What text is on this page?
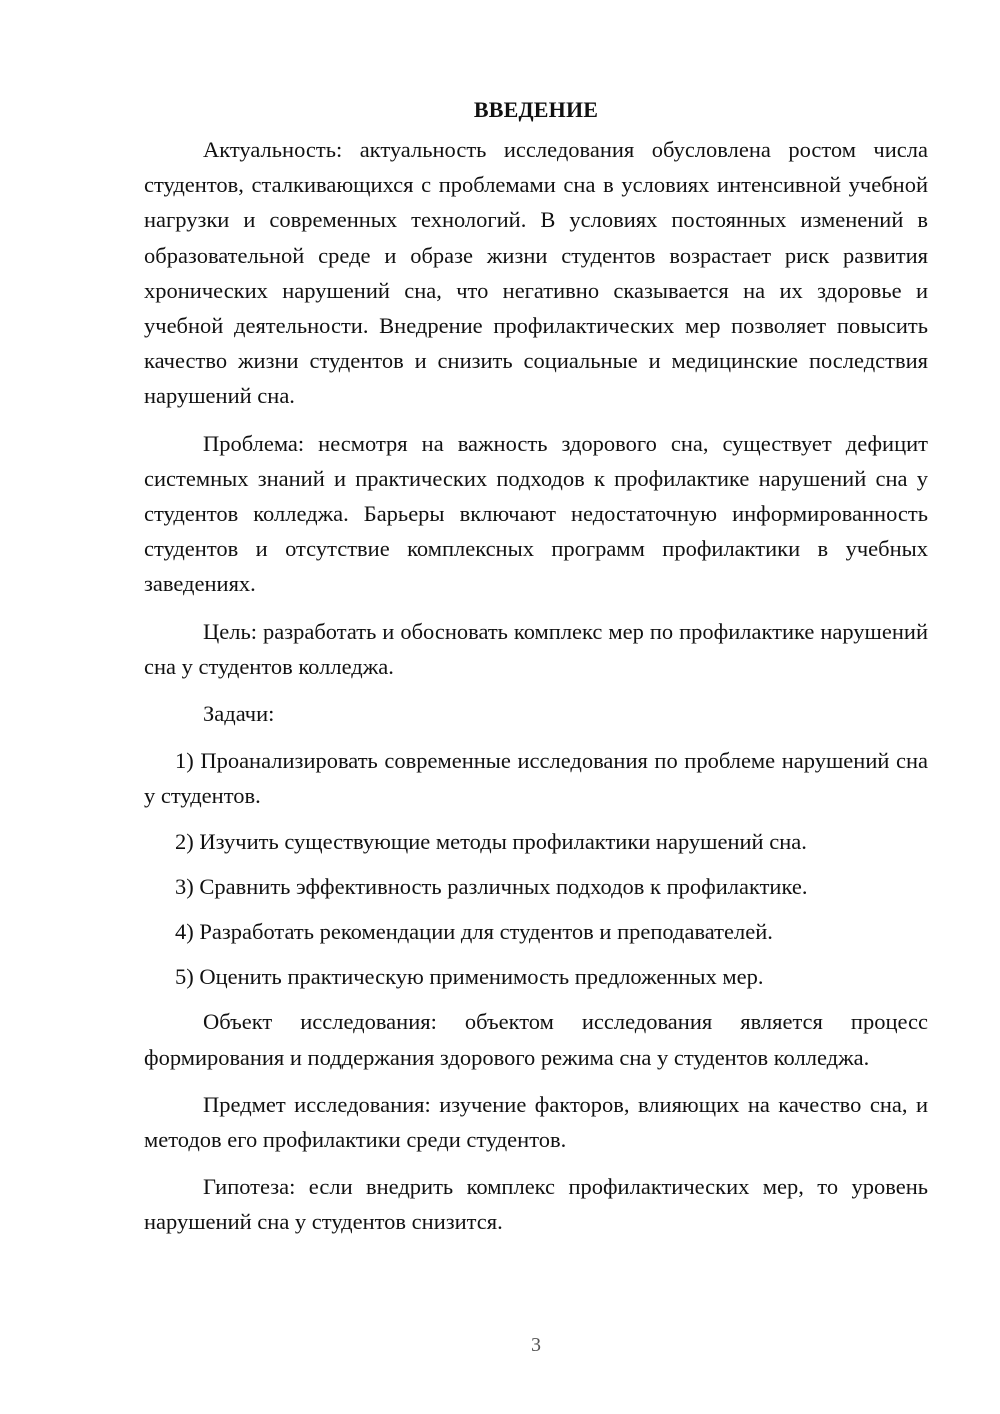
ВВЕДЕНИЕ

Актуальность: актуальность исследования обусловлена ростом числа студентов, сталкивающихся с проблемами сна в условиях интенсивной учебной нагрузки и современных технологий. В условиях постоянных изменений в образовательной среде и образе жизни студентов возрастает риск развития хронических нарушений сна, что негативно сказывается на их здоровье и учебной деятельности. Внедрение профилактических мер позволяет повысить качество жизни студентов и снизить социальные и медицинские последствия нарушений сна.

Проблема: несмотря на важность здорового сна, существует дефицит системных знаний и практических подходов к профилактике нарушений сна у студентов колледжа. Барьеры включают недостаточную информированность студентов и отсутствие комплексных программ профилактики в учебных заведениях.

Цель: разработать и обосновать комплекс мер по профилактике нарушений сна у студентов колледжа.

Задачи:

1) Проанализировать современные исследования по проблеме нарушений сна у студентов.

2) Изучить существующие методы профилактики нарушений сна.

3) Сравнить эффективность различных подходов к профилактике.

4) Разработать рекомендации для студентов и преподавателей.

5) Оценить практическую применимость предложенных мер.

Объект исследования: объектом исследования является процесс формирования и поддержания здорового режима сна у студентов колледжа.

Предмет исследования: изучение факторов, влияющих на качество сна, и методов его профилактики среди студентов.

Гипотеза: если внедрить комплекс профилактических мер, то уровень нарушений сна у студентов снизится.

3
